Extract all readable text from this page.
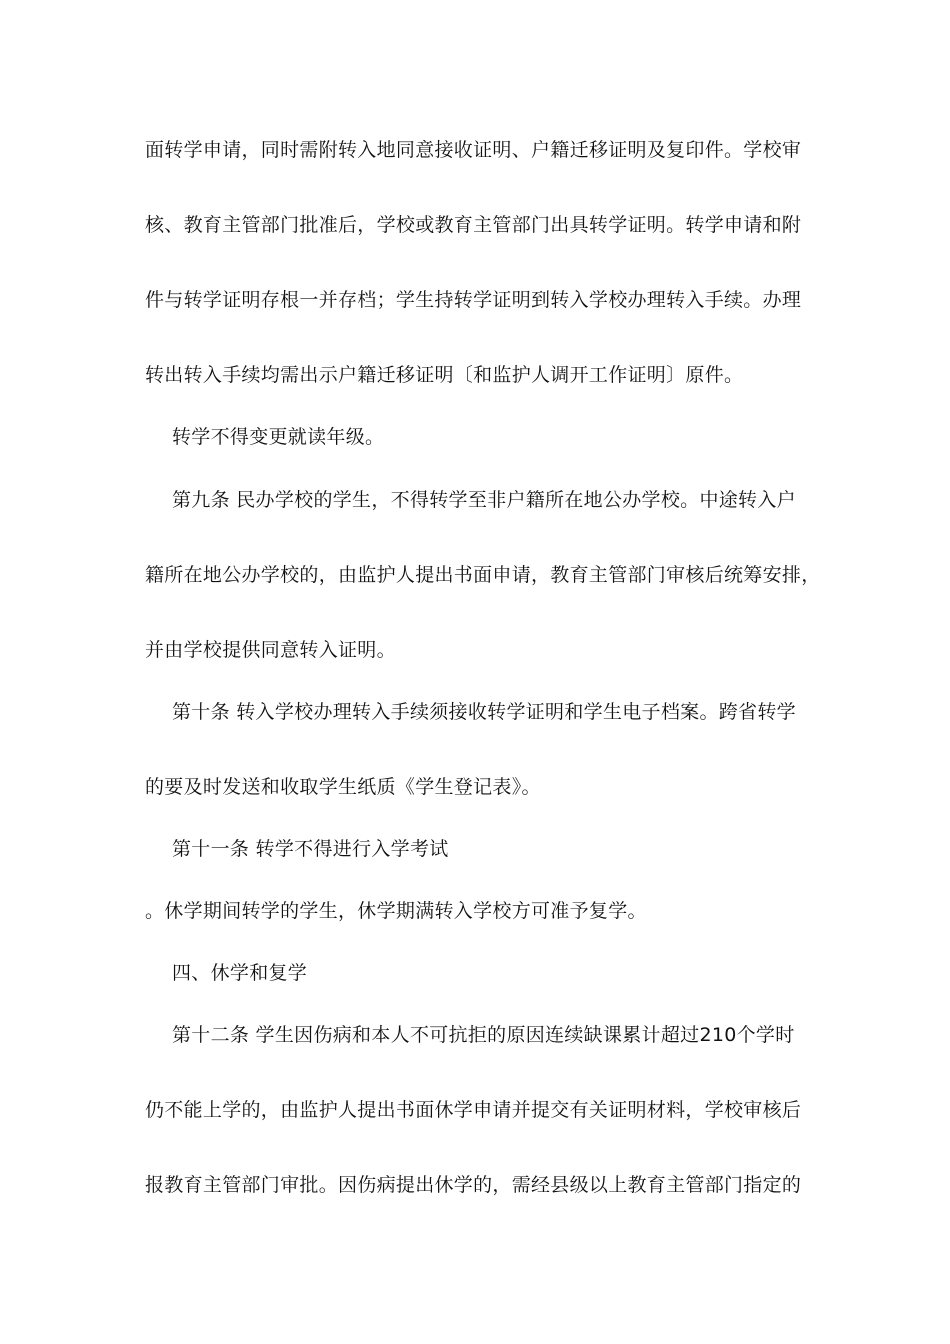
面转学申请，同时需附转入地同意接收证明、户籍迁移证明及复印件。学校审
核、教育主管部门批准后，学校或教育主管部门出具转学证明。转学申请和附
件与转学证明存根一并存档；学生持转学证明到转入学校办理转入手续。办理
转出转入手续均需出示户籍迁移证明〔和监护人调开工作证明〕原件。
转学不得变更就读年级。
第九条 民办学校的学生，不得转学至非户籍所在地公办学校。中途转入户
籍所在地公办学校的，由监护人提出书面申请，教育主管部门审核后统筹安排，
并由学校提供同意转入证明。
第十条 转入学校办理转入手续须接收转学证明和学生电子档案。跨省转学
的要及时发送和收取学生纸质《学生登记表》。
第十一条 转学不得进行入学考试
。休学期间转学的学生，休学期满转入学校方可准予复学。
四、休学和复学
第十二条 学生因伤病和本人不可抗拒的原因连续缺课累计超过210个学时
仍不能上学的，由监护人提出书面休学申请并提交有关证明材料，学校审核后
报教育主管部门审批。因伤病提出休学的，需经县级以上教育主管部门指定的
